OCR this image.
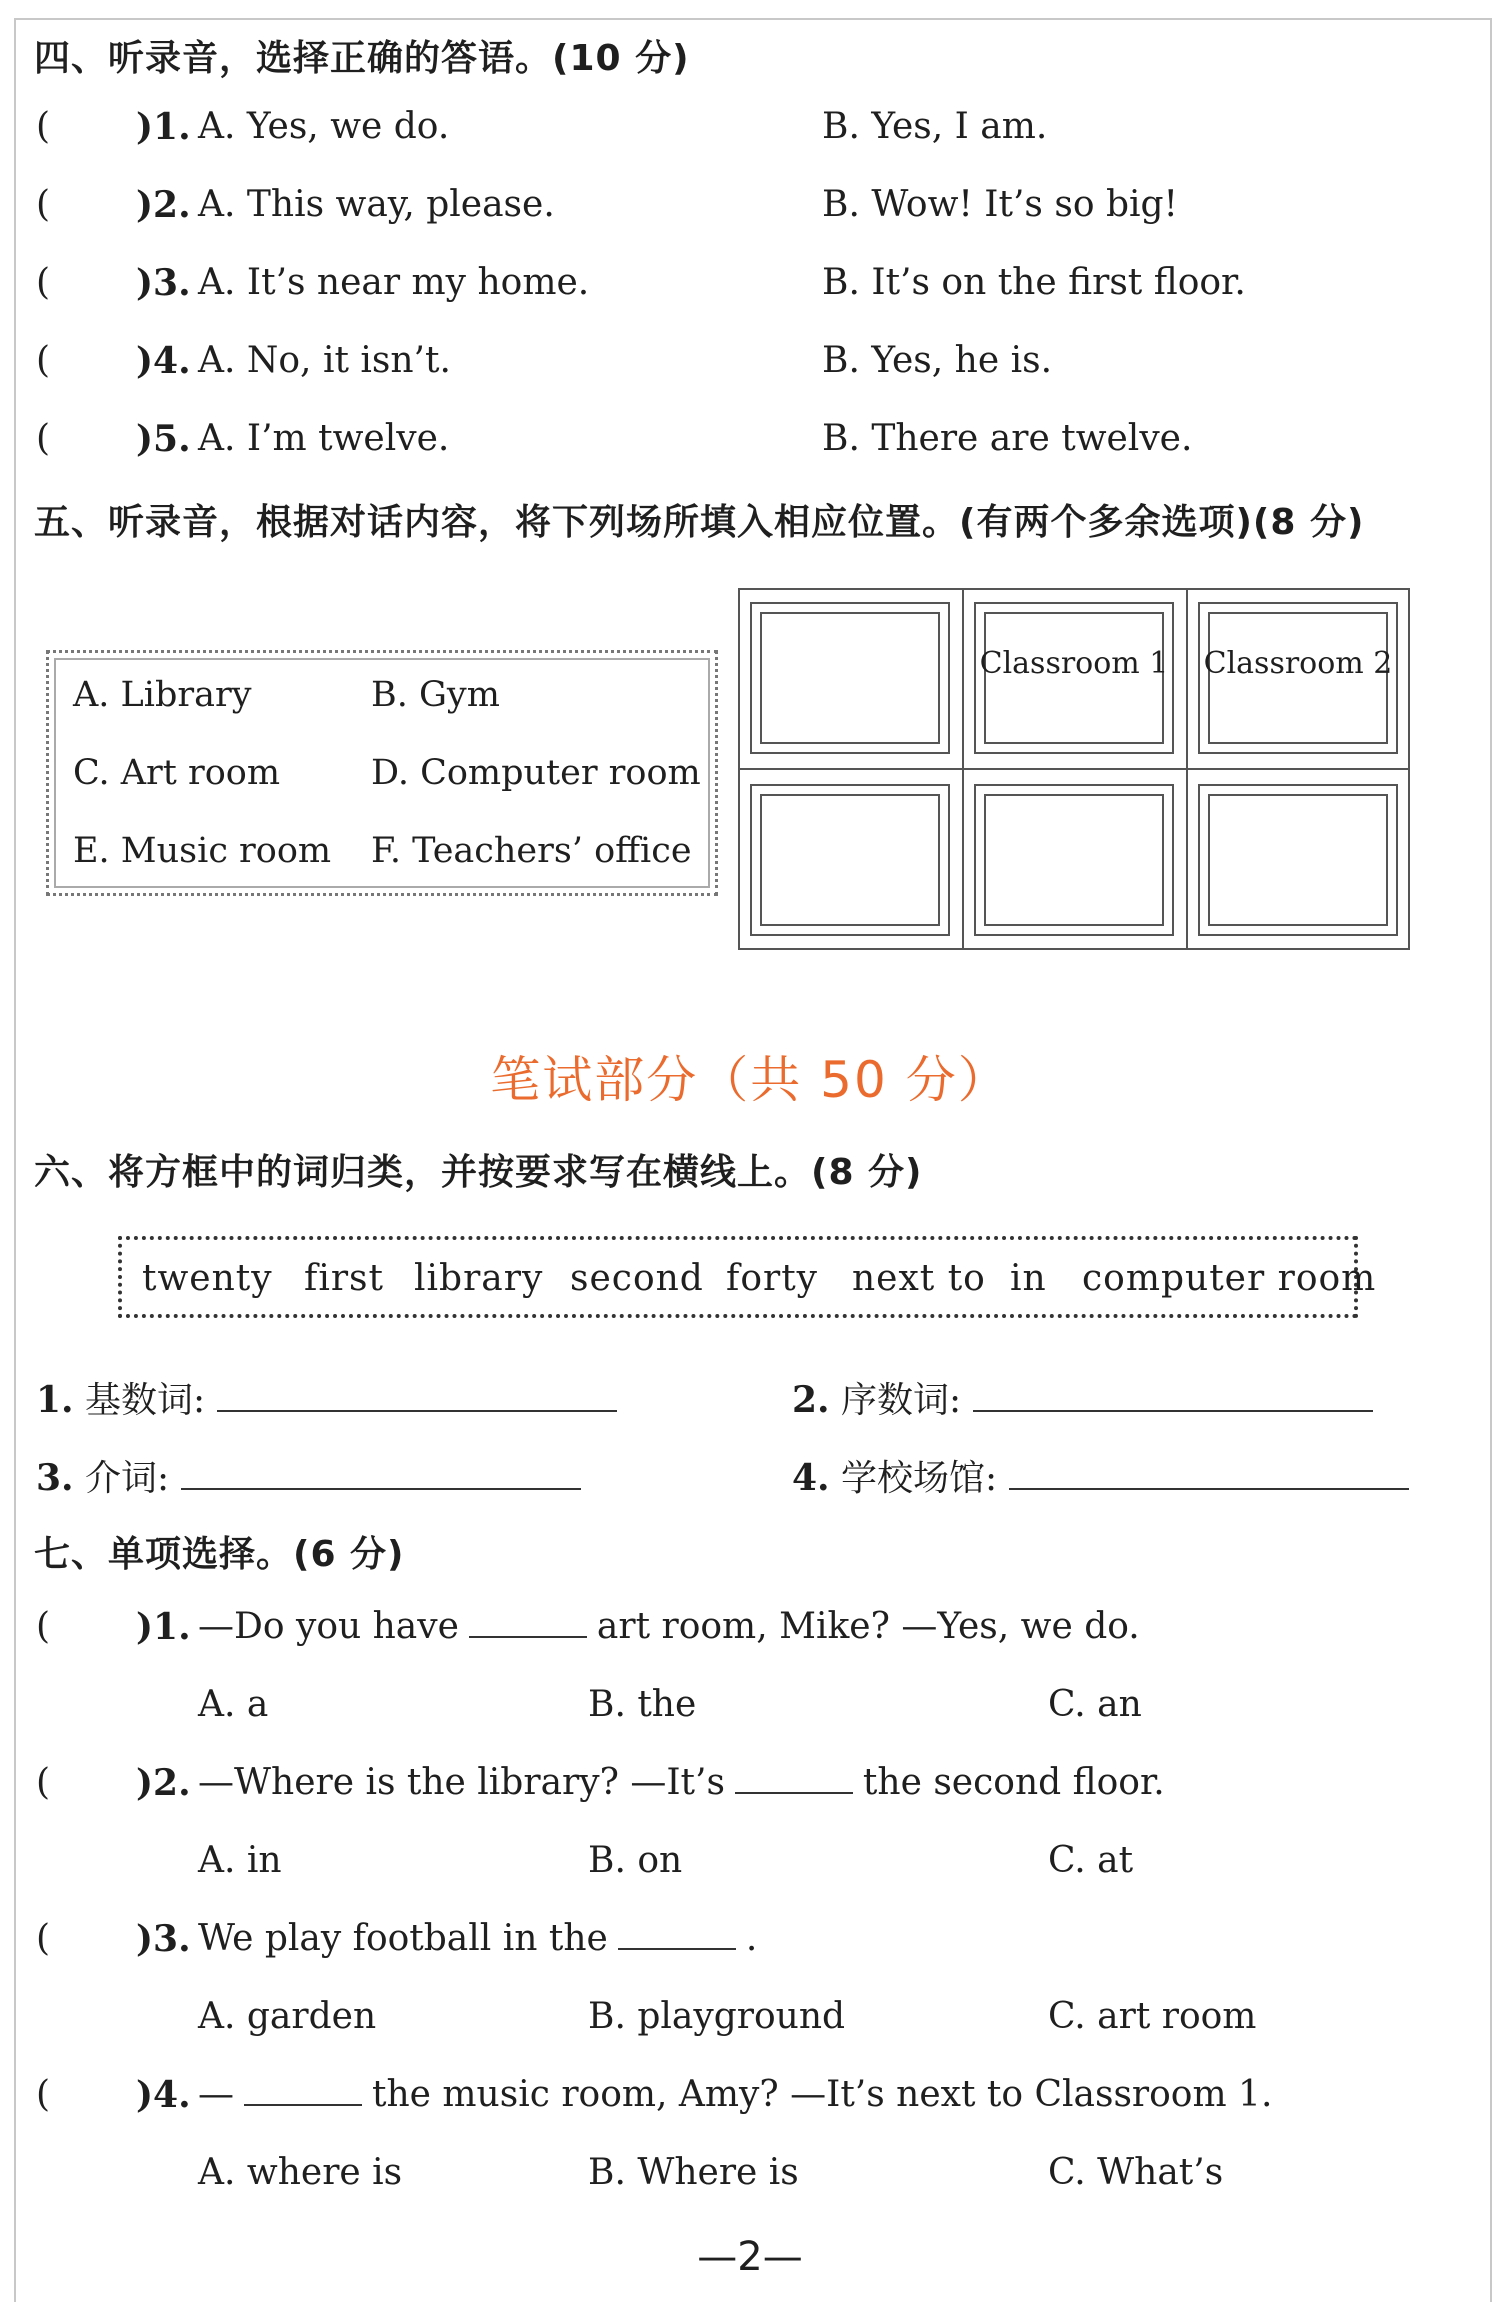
四、听录音，选择正确的答语。(10 分)
( )1. A. Yes, we do.	B. Yes, I am.
( )2. A. This way, please.	B. Wow! It’s so big!
( )3. A. It’s near my home.	B. It’s on the first floor.
( )4. A. No, it isn’t.	B. Yes, he is.
( )5. A. I’m twelve.	B. There are twelve.
五、听录音，根据对话内容，将下列场所填入相应位置。(有两个多余选项)(8 分)
A. Library	B. Gym
C. Art room	D. Computer room
E. Music room F. Teachers’ office
Classroom 1 Classroom 2
笔试部分（共 50 分）
六、将方框中的词归类，并按要求写在横线上。(8 分)
twenty first library second forty next to in computer room
1. 基数词:	2. 序数词:
3. 介词:	4. 学校场馆:
七、单项选择。(6 分)
( )1. —Do you have	art room, Mike? —Yes, we do.
A. a	B. the	C. an
( )2. —Where is the library? —It’s	the second floor.
A. in	B. on	C. at
( )3. We play football in the	.
A. garden	B. playground	C. art room
( )4. —	the music room, Amy? —It’s next to Classroom 1.
A. where is	B. Where is	C. What’s
—2—
